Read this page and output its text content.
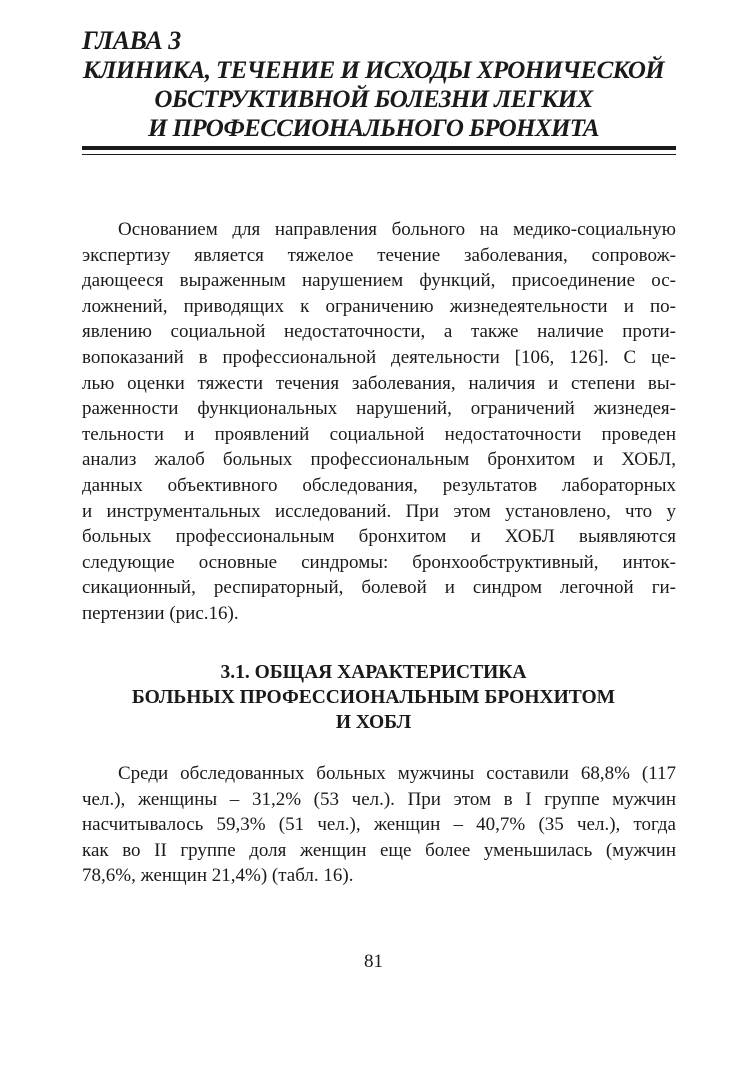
ГЛАВА 3
КЛИНИКА, ТЕЧЕНИЕ И ИСХОДЫ ХРОНИЧЕСКОЙ
ОБСТРУКТИВНОЙ БОЛЕЗНИ ЛЕГКИХ
И ПРОФЕССИОНАЛЬНОГО БРОНХИТА

Основанием для направления больного на медико-социальную
экспертизу является тяжелое течение заболевания, сопровож-
дающееся выраженным нарушением функций, присоединение ос-
ложнений, приводящих к ограничению жизнедеятельности и по-
явлению социальной недостаточности, а также наличие проти-
вопоказаний в профессиональной деятельности [106, 126]. С це-
лью оценки тяжести течения заболевания, наличия и степени вы-
раженности функциональных нарушений, ограничений жизнедея-
тельности и проявлений социальной недостаточности проведен
анализ жалоб больных профессиональным бронхитом и ХОБЛ,
данных объективного обследования, результатов лабораторных
и инструментальных исследований. При этом установлено, что у
больных профессиональным бронхитом и ХОБЛ выявляются
следующие основные синдромы: бронхообструктивный, инток-
сикационный, респираторный, болевой и синдром легочной ги-
пертензии (рис.16).

3.1. ОБЩАЯ ХАРАКТЕРИСТИКА
БОЛЬНЫХ ПРОФЕССИОНАЛЬНЫМ БРОНХИТОМ
И ХОБЛ

Среди обследованных больных мужчины составили 68,8% (117
чел.), женщины – 31,2% (53 чел.). При этом в I группе мужчин
насчитывалось 59,3% (51 чел.), женщин – 40,7% (35 чел.), тогда
как во II группе доля женщин еще более уменьшилась (мужчин
78,6%, женщин 21,4%) (табл. 16).

81
